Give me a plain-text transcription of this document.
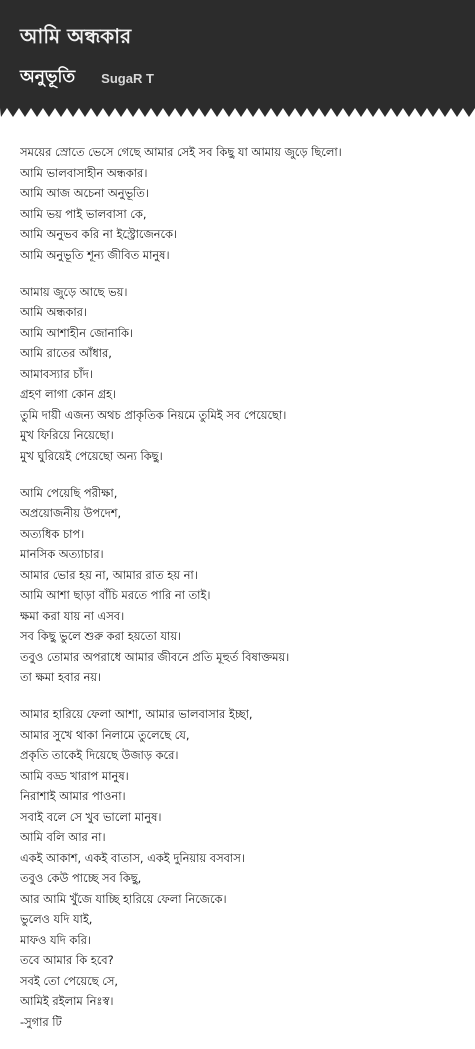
আমি অন্ধকার
অনুভূতি SugaR T
সময়ের স্রোতে ভেসে গেছে আমার সেই সব কিছু যা আমায় জুড়ে ছিলো।
আমি ভালবাসাহীন অন্ধকার।
আমি আজ অচেনা অনুভূতি।
আমি ভয় পাই ভালবাসা কে,
আমি অনুভব করি না ইস্ট্রোজেনকে।
আমি অনুভূতি শূন্য জীবিত মানুষ।
আমায় জুড়ে আছে ভয়।
আমি অন্ধকার।
আমি আশাহীন জোনাকি।
আমি রাতের আঁধার,
আমাবস্যার চাঁদ।
গ্রহণ লাগা কোন গ্রহ।
তুমি দায়ী এজন্য অথচ প্রাকৃতিক নিয়মে তুমিই সব পেয়েছো।
মুখ ফিরিয়ে নিয়েছো।
মুখ ঘুরিয়েই পেয়েছো অন্য কিছু।
আমি পেয়েছি পরীক্ষা,
অপ্রয়োজনীয় উপদেশ,
অত্যধিক চাপ।
মানসিক অত্যাচার।
আমার ভোর হয় না, আমার রাত হয় না।
আমি আশা ছাড়া বাঁচি মরতে পারি না তাই।
ক্ষমা করা যায় না এসব।
সব কিছু ভুলে শুরু করা হয়তো যায়।
তবুও তোমার অপরাধে আমার জীবনে প্রতি মূহুর্ত বিষাক্তময়।
তা ক্ষমা হবার নয়।
আমার হারিয়ে ফেলা আশা, আমার ভালবাসার ইচ্ছা,
আমার সুখে থাকা নিলামে তুলেছে যে,
প্রকৃতি তাকেই দিয়েছে উজাড় করে।
আমি বড্ড খারাপ মানুষ।
নিরাশাই আমার পাওনা।
সবাই বলে সে খুব ভালো মানুষ।
আমি বলি আর না।
একই আকাশ, একই বাতাস, একই দুনিয়ায় বসবাস।
তবুও কেউ পাচ্ছে সব কিছু,
আর আমি খুঁজে যাচ্ছি হারিয়ে ফেলা নিজেকে।
ভুলেও যদি যাই,
মাফও যদি করি।
তবে আমার কি হবে?
সবই তো পেয়েছে সে,
আমিই রইলাম নিঃস্ব।
-সুগার টি
